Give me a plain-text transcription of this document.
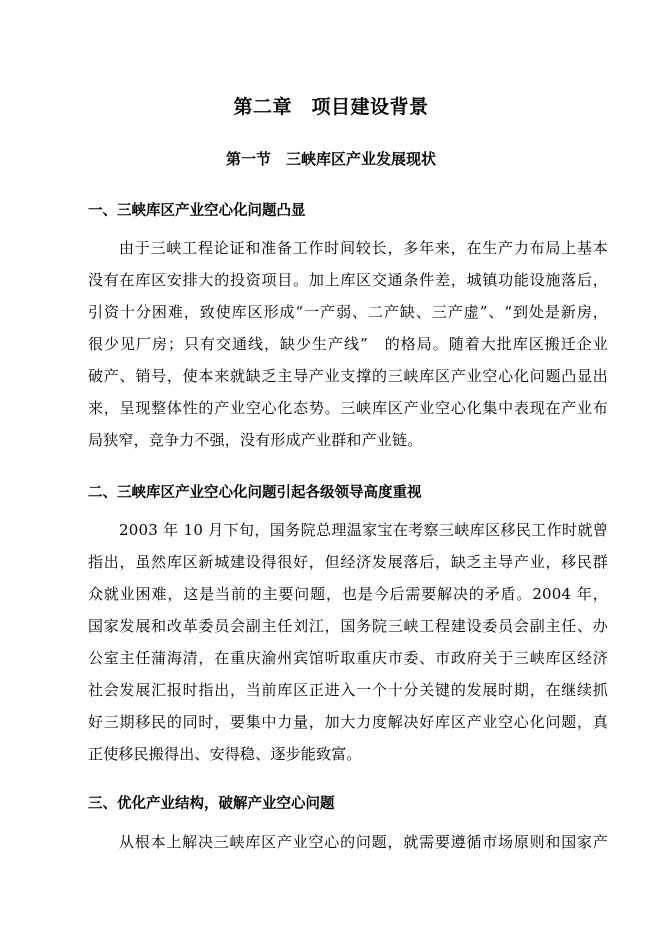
第二章　项目建设背景
第一节　三峡库区产业发展现状
一、三峡库区产业空心化问题凸显
由于三峡工程论证和准备工作时间较长，多年来，在生产力布局上基本
没有在库区安排大的投资项目。加上库区交通条件差，城镇功能设施落后，
引资十分困难，致使库区形成“一产弱、二产缺、三产虚”、“到处是新房，
很少见厂房；只有交通线，缺少生产线”　的格局。随着大批库区搬迁企业
破产、销号，使本来就缺乏主导产业支撑的三峡库区产业空心化问题凸显出
来，呈现整体性的产业空心化态势。三峡库区产业空心化集中表现在产业布
局狭窄，竞争力不强，没有形成产业群和产业链。
二、三峡库区产业空心化问题引起各级领导高度重视
2003 年 10 月下旬，国务院总理温家宝在考察三峡库区移民工作时就曾
指出，虽然库区新城建设得很好，但经济发展落后，缺乏主导产业，移民群
众就业困难，这是当前的主要问题，也是今后需要解决的矛盾。2004 年，
国家发展和改革委员会副主任刘江，国务院三峡工程建设委员会副主任、办
公室主任蒲海清，在重庆渝州宾馆听取重庆市委、市政府关于三峡库区经济
社会发展汇报时指出，当前库区正进入一个十分关键的发展时期，在继续抓
好三期移民的同时，要集中力量，加大力度解决好库区产业空心化问题，真
正使移民搬得出、安得稳、逐步能致富。
三、优化产业结构，破解产业空心问题
从根本上解决三峡库区产业空心的问题，就需要遵循市场原则和国家产
